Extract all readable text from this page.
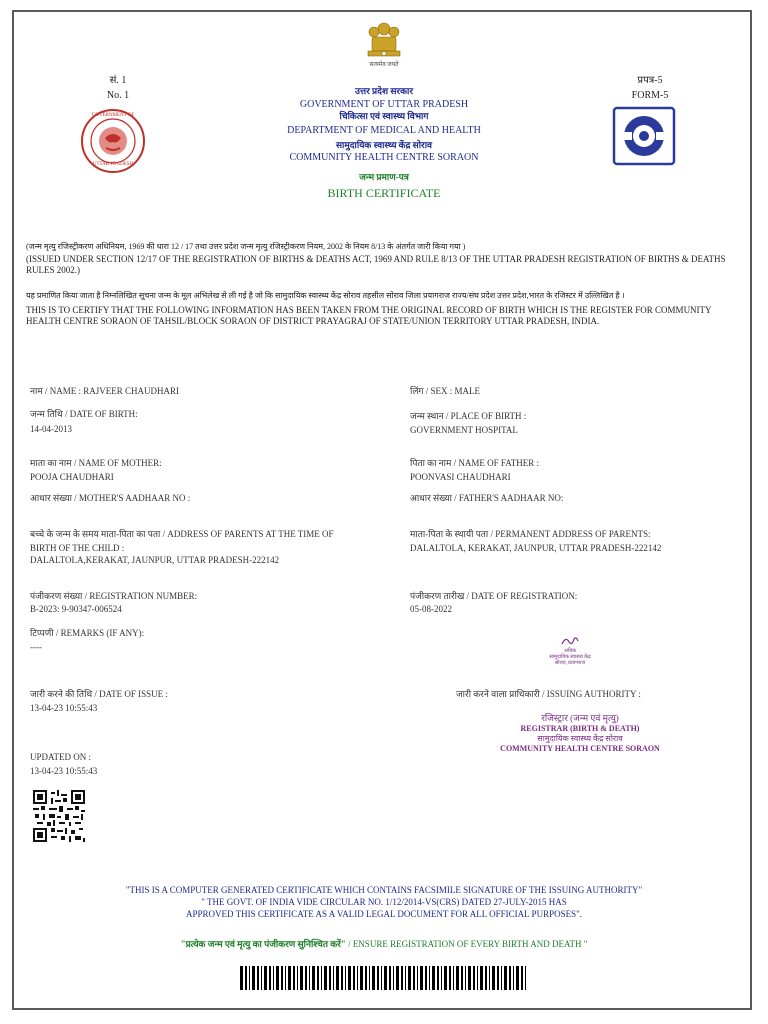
सत्यमेव जयते
सं. 1
No. 1
प्रपत्र-5
FORM-5
GOVERNMENT OF
UTTAR PRADESH
उत्तर प्रदेश सरकार
GOVERNMENT OF UTTAR PRADESH
चिकित्सा एवं स्वास्थ्य विभाग
DEPARTMENT OF MEDICAL AND HEALTH
सामुदायिक स्वास्थ्य केंद्र सोराव
COMMUNITY HEALTH CENTRE SORAON
जन्म प्रमाण-पत्र
BIRTH CERTIFICATE
(जन्म मृत्यु रजिस्ट्रीकरण अधिनियम, 1969 की धारा 12 / 17 तथा उत्तर प्रदेश जन्म मृत्यु रजिस्ट्रीकरण नियम, 2002 के नियम 8/13 के अंतर्गत जारी किया गया )
(ISSUED UNDER SECTION 12/17 OF THE REGISTRATION OF BIRTHS & DEATHS ACT, 1969 AND RULE 8/13 OF THE UTTAR PRADESH REGISTRATION OF BIRTHS & DEATHS RULES 2002.)
यह प्रमाणित किया जाता है निम्नलिखित सूचना जन्म के मूल अभिलेख से ली गई है जो कि सामुदायिक स्वास्थ्य केंद्र सोराव तहसील सोराव जिला प्रयागराज राज्य/संघ प्रदेश उत्तर प्रदेश,भारत के रजिस्टर में उल्लिखित है ।
THIS IS TO CERTIFY THAT THE FOLLOWING INFORMATION HAS BEEN TAKEN FROM THE ORIGINAL RECORD OF BIRTH WHICH IS THE REGISTER FOR COMMUNITY HEALTH CENTRE SORAON OF TAHSIL/BLOCK SORAON OF DISTRICT PRAYAGRAJ OF STATE/UNION TERRITORY UTTAR PRADESH, INDIA.
नाम / NAME : RAJVEER CHAUDHARI	लिंग / SEX : MALE
जन्म तिथि / DATE OF BIRTH:
14-04-2013
जन्म स्थान / PLACE OF BIRTH :
GOVERNMENT HOSPITAL
माता का नाम / NAME OF MOTHER:
POOJA CHAUDHARI
पिता का नाम / NAME OF FATHER :
POONVASI CHAUDHARI
आधार संख्या / MOTHER'S AADHAAR NO :	आधार संख्या / FATHER'S AADHAAR NO:
बच्चे के जन्म के समय माता-पिता का पता / ADDRESS OF PARENTS AT THE TIME OF
BIRTH OF THE CHILD :
DALALTOLA,KERAKAT, JAUNPUR, UTTAR PRADESH-222142
माता-पिता के स्थायी पता / PERMANENT ADDRESS OF PARENTS:
DALALTOLA, KERAKAT, JAUNPUR, UTTAR PRADESH-222142
पंजीकरण संख्या / REGISTRATION NUMBER:
B-2023: 9-90347-006524
पंजीकरण तारीख / DATE OF REGISTRATION:
05-08-2022
टिप्पणी / REMARKS (IF ANY):
----	अधिक
सामुदायिक स्वास्थ्य केंद्र
सोराव, प्रयागराज
जारी करने की तिथि / DATE OF ISSUE :
13-04-23 10:55:43
जारी करने वाला प्राधिकारी / ISSUING AUTHORITY :
रजिस्ट्रार (जन्म एवं मृत्यु)
REGISTRAR (BIRTH & DEATH)
सामुदायिक स्वास्थ्य केंद्र सोराव
COMMUNITY HEALTH CENTRE SORAON
UPDATED ON :
13-04-23 10:55:43
"THIS IS A COMPUTER GENERATED CERTIFICATE WHICH CONTAINS FACSIMILE SIGNATURE OF THE ISSUING AUTHORITY"
" THE GOVT. OF INDIA VIDE CIRCULAR NO. 1/12/2014-VS(CRS) DATED 27-JULY-2015 HAS
APPROVED THIS CERTIFICATE AS A VALID LEGAL DOCUMENT FOR ALL OFFICIAL PURPOSES".
"प्रत्येक जन्म एवं मृत्यु का पंजीकरण सुनिश्चित करें" / ENSURE REGISTRATION OF EVERY BIRTH AND DEATH "
